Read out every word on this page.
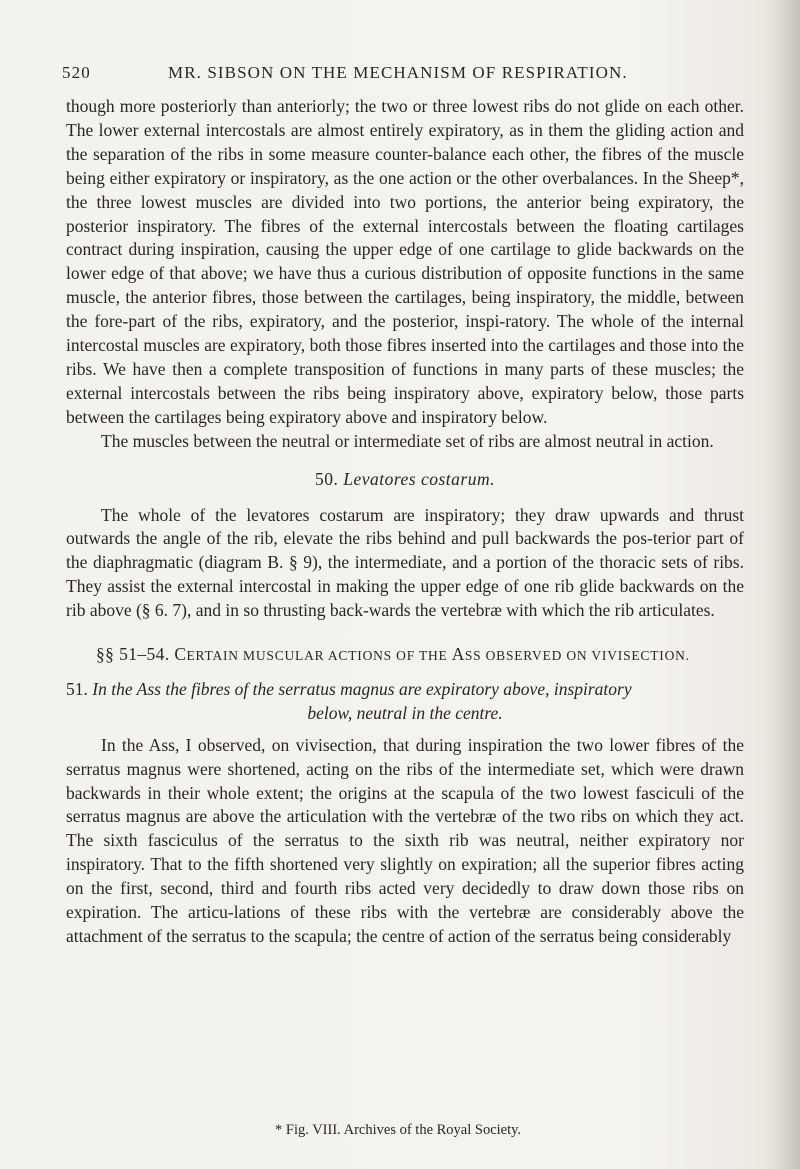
520	MR. SIBSON ON THE MECHANISM OF RESPIRATION.

though more posteriorly than anteriorly; the two or three lowest ribs do not glide on each other. The lower external intercostals are almost entirely expiratory, as in them the gliding action and the separation of the ribs in some measure counter-balance each other, the fibres of the muscle being either expiratory or inspiratory, as the one action or the other overbalances. In the Sheep*, the three lowest muscles are divided into two portions, the anterior being expiratory, the posterior inspiratory. The fibres of the external intercostals between the floating cartilages contract during inspiration, causing the upper edge of one cartilage to glide backwards on the lower edge of that above; we have thus a curious distribution of opposite functions in the same muscle, the anterior fibres, those between the cartilages, being inspiratory, the middle, between the fore-part of the ribs, expiratory, and the posterior, inspi-ratory. The whole of the internal intercostal muscles are expiratory, both those fibres inserted into the cartilages and those into the ribs. We have then a complete transposition of functions in many parts of these muscles; the external intercostals between the ribs being inspiratory above, expiratory below, those parts between the cartilages being expiratory above and inspiratory below.

The muscles between the neutral or intermediate set of ribs are almost neutral in action.

50. Levatores costarum.

The whole of the levatores costarum are inspiratory; they draw upwards and thrust outwards the angle of the rib, elevate the ribs behind and pull backwards the pos-terior part of the diaphragmatic (diagram B. § 9), the intermediate, and a portion of the thoracic sets of ribs. They assist the external intercostal in making the upper edge of one rib glide backwards on the rib above (§ 6. 7), and in so thrusting back-wards the vertebræ with which the rib articulates.

§§ 51–54. CERTAIN MUSCULAR ACTIONS OF THE ASS OBSERVED ON VIVISECTION.

51. In the Ass the fibres of the serratus magnus are expiratory above, inspiratory
below, neutral in the centre.

In the Ass, I observed, on vivisection, that during inspiration the two lower fibres of the serratus magnus were shortened, acting on the ribs of the intermediate set, which were drawn backwards in their whole extent; the origins at the scapula of the two lowest fasciculi of the serratus magnus are above the articulation with the vertebræ of the two ribs on which they act. The sixth fasciculus of the serratus to the sixth rib was neutral, neither expiratory nor inspiratory. That to the fifth shortened very slightly on expiration; all the superior fibres acting on the first, second, third and fourth ribs acted very decidedly to draw down those ribs on expiration. The articu-lations of these ribs with the vertebræ are considerably above the attachment of the serratus to the scapula; the centre of action of the serratus being considerably

* Fig. VIII. Archives of the Royal Society.
